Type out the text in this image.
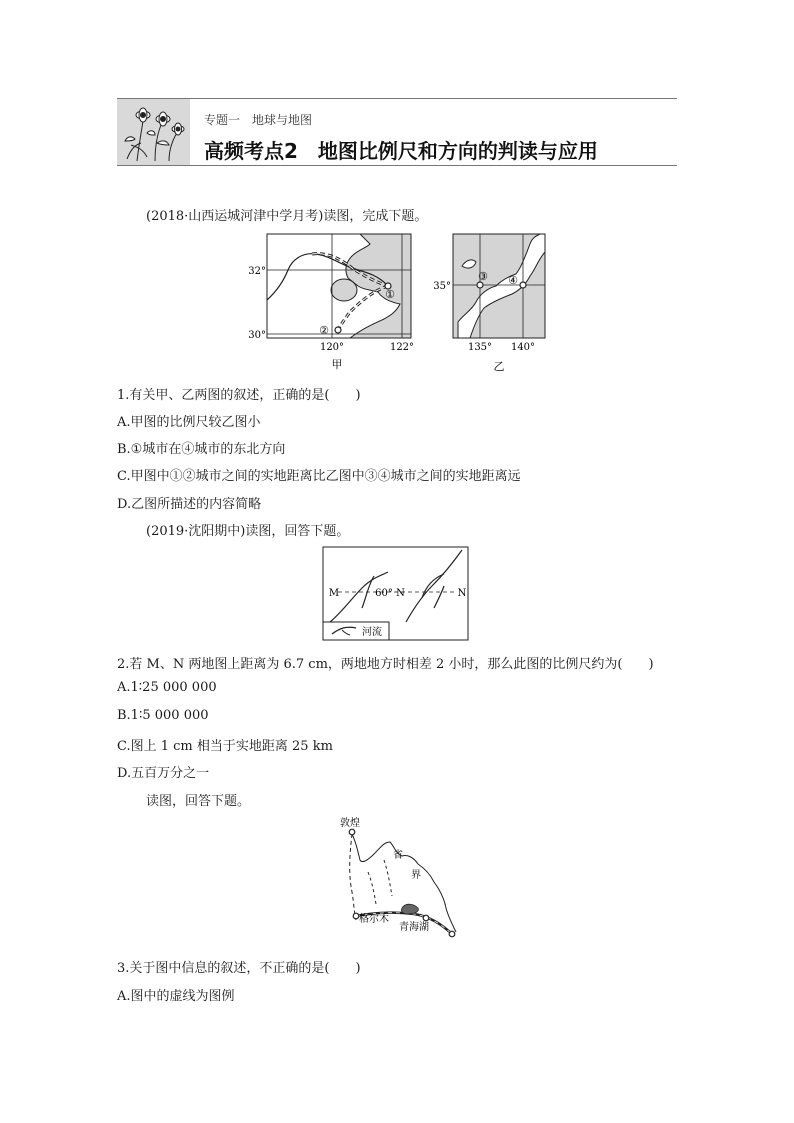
专题一　地球与地图
高频考点2　地图比例尺和方向的判读与应用
(2018·山西运城河津中学月考)读图，完成下题。
32°
30°
120°	122°
①
②
甲
35°
135° 140°
③ ④
乙
1.有关甲、乙两图的叙述，正确的是(　　)
A.甲图的比例尺较乙图小
B.①城市在④城市的东北方向
C.甲图中①②城市之间的实地距离比乙图中③④城市之间的实地距离远
D.乙图所描述的内容简略
(2019·沈阳期中)读图，回答下题。
M	60° N	N
河流
2.若 M、N 两地图上距离为 6.7 cm，两地地方时相差 2 小时，那么此图的比例尺约为(　　)
A.1∶25 000 000
B.1∶5 000 000
C.图上 1 cm 相当于实地距离 25 km
D.五百万分之一
读图，回答下题。
敦煌
省
界
格尔木
青海湖
3.关于图中信息的叙述，不正确的是(　　)
A.图中的虚线为图例
